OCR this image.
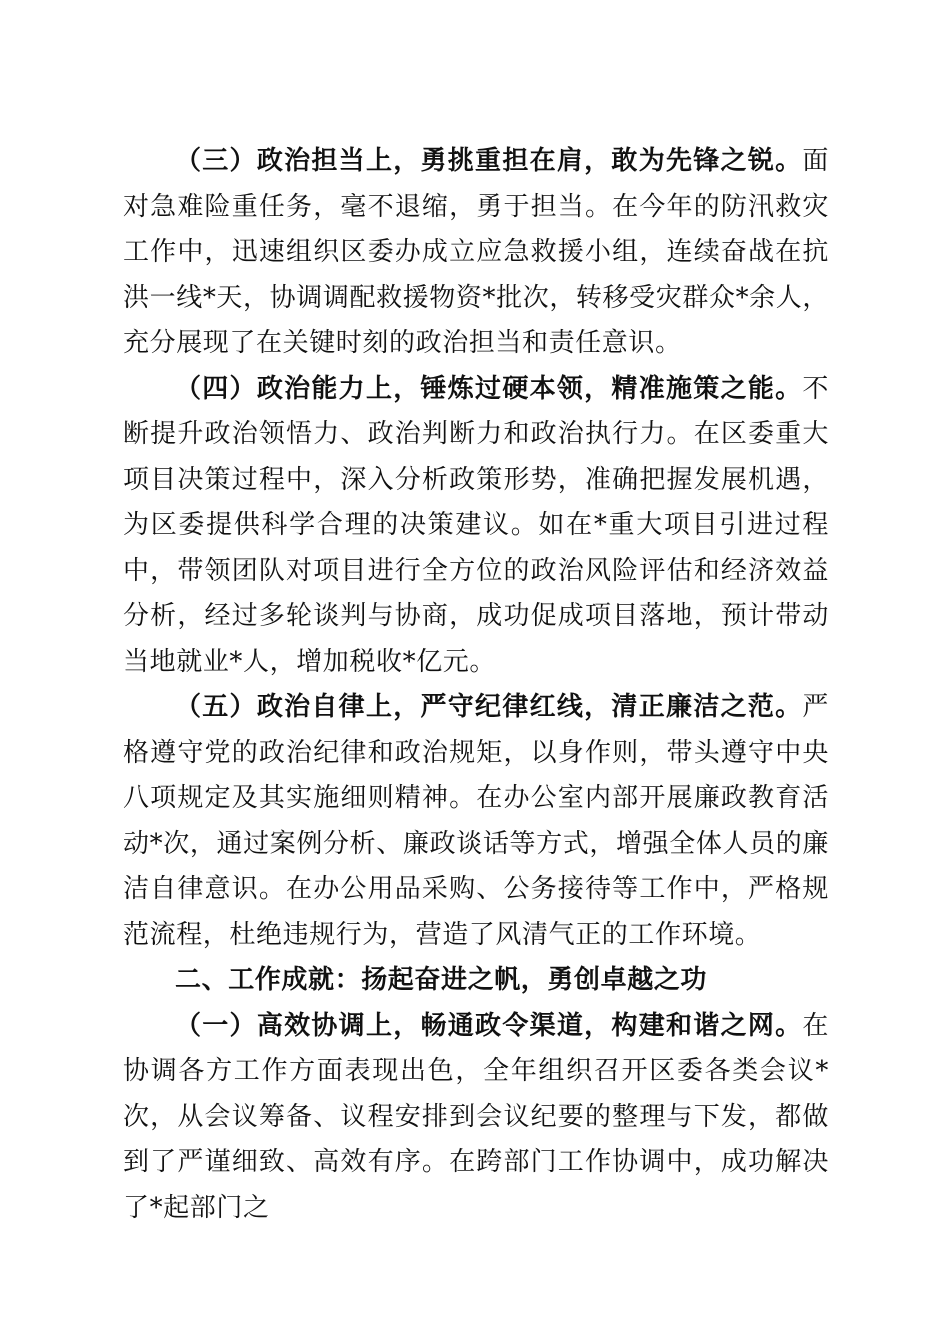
（三）政治担当上，勇挑重担在肩，敢为先锋之锐。面对急难险重任务，毫不退缩，勇于担当。在今年的防汛救灾工作中，迅速组织区委办成立应急救援小组，连续奋战在抗洪一线*天，协调调配救援物资*批次，转移受灾群众*余人，充分展现了在关键时刻的政治担当和责任意识。

（四）政治能力上，锤炼过硬本领，精准施策之能。不断提升政治领悟力、政治判断力和政治执行力。在区委重大项目决策过程中，深入分析政策形势，准确把握发展机遇，为区委提供科学合理的决策建议。如在*重大项目引进过程中，带领团队对项目进行全方位的政治风险评估和经济效益分析，经过多轮谈判与协商，成功促成项目落地，预计带动当地就业*人，增加税收*亿元。

（五）政治自律上，严守纪律红线，清正廉洁之范。严格遵守党的政治纪律和政治规矩，以身作则，带头遵守中央八项规定及其实施细则精神。在办公室内部开展廉政教育活动*次，通过案例分析、廉政谈话等方式，增强全体人员的廉洁自律意识。在办公用品采购、公务接待等工作中，严格规范流程，杜绝违规行为，营造了风清气正的工作环境。

二、工作成就：扬起奋进之帆，勇创卓越之功

（一）高效协调上，畅通政令渠道，构建和谐之网。在协调各方工作方面表现出色，全年组织召开区委各类会议*次，从会议筹备、议程安排到会议纪要的整理与下发，都做到了严谨细致、高效有序。在跨部门工作协调中，成功解决了*起部门之
